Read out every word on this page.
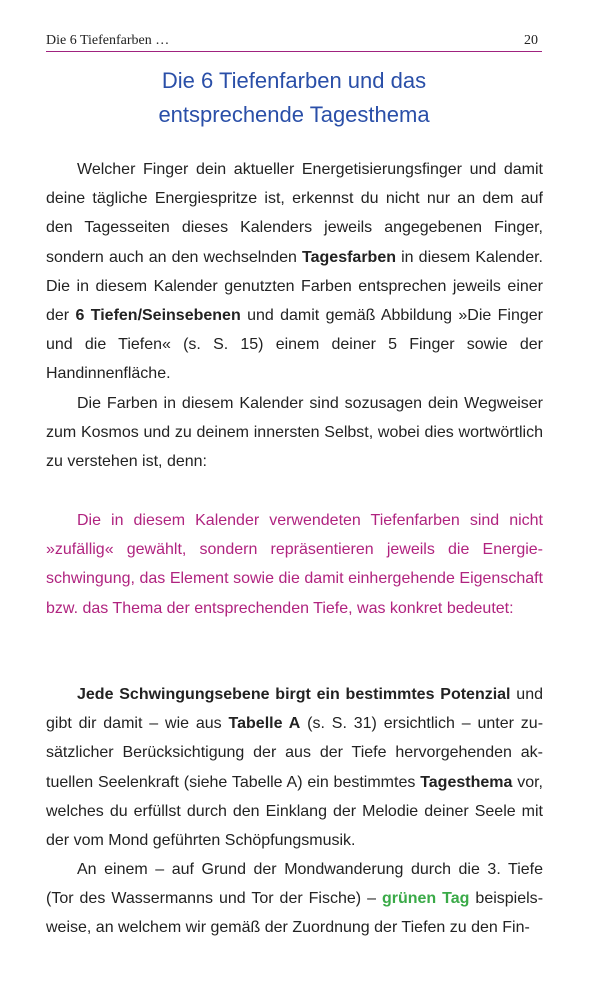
Die 6 Tiefenfarben …	20
Die 6 Tiefenfarben und das
entsprechende Tagesthema

Welcher Finger dein aktueller Energetisierungsfinger und damit deine tägliche Energiespritze ist, erkennst du nicht nur an dem auf den Tagesseiten dieses Kalenders jeweils angegebenen Finger, sondern auch an den wechselnden Tagesfarben in diesem Kalender. Die in diesem Kalender genutzten Farben entsprechen jeweils einer der 6 Tiefen/Seinsebenen und damit gemäß Abbildung »Die Finger und die Tiefen« (s. S. 15) einem deiner 5 Finger sowie der Handinnenfläche.

Die Farben in diesem Kalender sind sozusagen dein Wegweiser zum Kosmos und zu deinem innersten Selbst, wobei dies wortwörtlich zu verstehen ist, denn:

Die in diesem Kalender verwendeten Tiefenfarben sind nicht »zufällig« gewählt, sondern repräsentieren jeweils die Energieschwingung, das Element sowie die damit einhergehende Eigenschaft bzw. das Thema der entsprechenden Tiefe, was konkret bedeutet:

Jede Schwingungsebene birgt ein bestimmtes Potenzial und gibt dir damit – wie aus Tabelle A (s. S. 31) ersichtlich – unter zusätzlicher Berücksichtigung der aus der Tiefe hervorgehenden aktuellen Seelenkraft (siehe Tabelle A) ein bestimmtes Tagesthema vor, welches du erfüllst durch den Einklang der Melodie deiner Seele mit der vom Mond geführten Schöpfungsmusik.

An einem – auf Grund der Mondwanderung durch die 3. Tiefe (Tor des Wassermanns und Tor der Fische) – grünen Tag beispielsweise, an welchem wir gemäß der Zuordnung der Tiefen zu den Fin-
